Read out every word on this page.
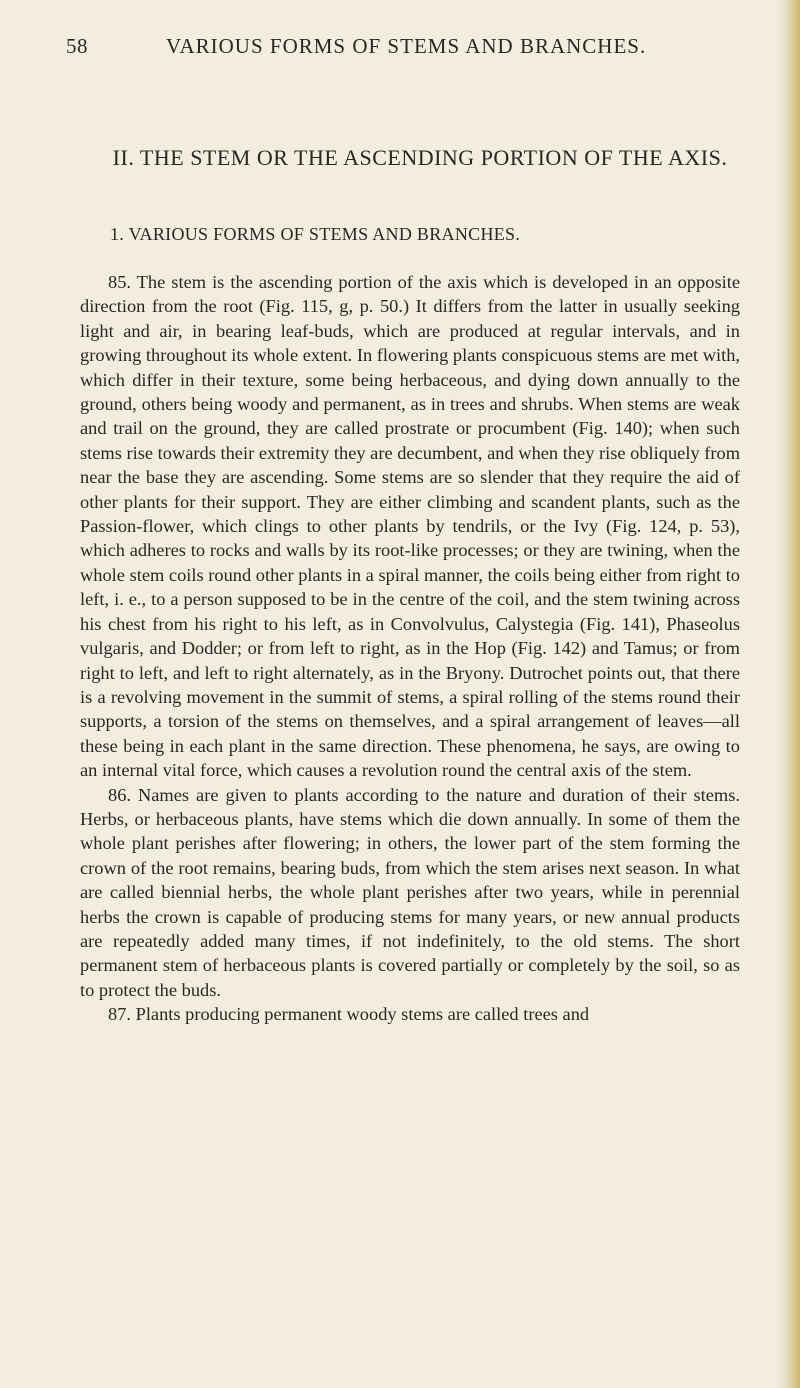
58	VARIOUS FORMS OF STEMS AND BRANCHES.
II. THE STEM OR THE ASCENDING PORTION OF THE AXIS.
1. VARIOUS FORMS OF STEMS AND BRANCHES.

85. The stem is the ascending portion of the axis which is developed in an opposite direction from the root (Fig. 115, g, p. 50.) It differs from the latter in usually seeking light and air, in bearing leaf-buds, which are produced at regular intervals, and in growing throughout its whole extent. In flowering plants conspicuous stems are met with, which differ in their texture, some being herbaceous, and dying down annually to the ground, others being woody and permanent, as in trees and shrubs. When stems are weak and trail on the ground, they are called prostrate or procumbent (Fig. 140); when such stems rise towards their extremity they are decumbent, and when they rise obliquely from near the base they are ascending. Some stems are so slender that they require the aid of other plants for their support. They are either climbing and scandent plants, such as the Passion-flower, which clings to other plants by tendrils, or the Ivy (Fig. 124, p. 53), which adheres to rocks and walls by its root-like processes; or they are twining, when the whole stem coils round other plants in a spiral manner, the coils being either from right to left, i. e., to a person supposed to be in the centre of the coil, and the stem twining across his chest from his right to his left, as in Convolvulus, Calystegia (Fig. 141), Phaseolus vulgaris, and Dodder; or from left to right, as in the Hop (Fig. 142) and Tamus; or from right to left, and left to right alternately, as in the Bryony. Dutrochet points out, that there is a revolving movement in the summit of stems, a spiral rolling of the stems round their supports, a torsion of the stems on themselves, and a spiral arrangement of leaves—all these being in each plant in the same direction. These phenomena, he says, are owing to an internal vital force, which causes a revolution round the central axis of the stem.

86. Names are given to plants according to the nature and duration of their stems. Herbs, or herbaceous plants, have stems which die down annually. In some of them the whole plant perishes after flowering; in others, the lower part of the stem forming the crown of the root remains, bearing buds, from which the stem arises next season. In what are called biennial herbs, the whole plant perishes after two years, while in perennial herbs the crown is capable of producing stems for many years, or new annual products are repeatedly added many times, if not indefinitely, to the old stems. The short permanent stem of herbaceous plants is covered partially or completely by the soil, so as to protect the buds.

87. Plants producing permanent woody stems are called trees and
